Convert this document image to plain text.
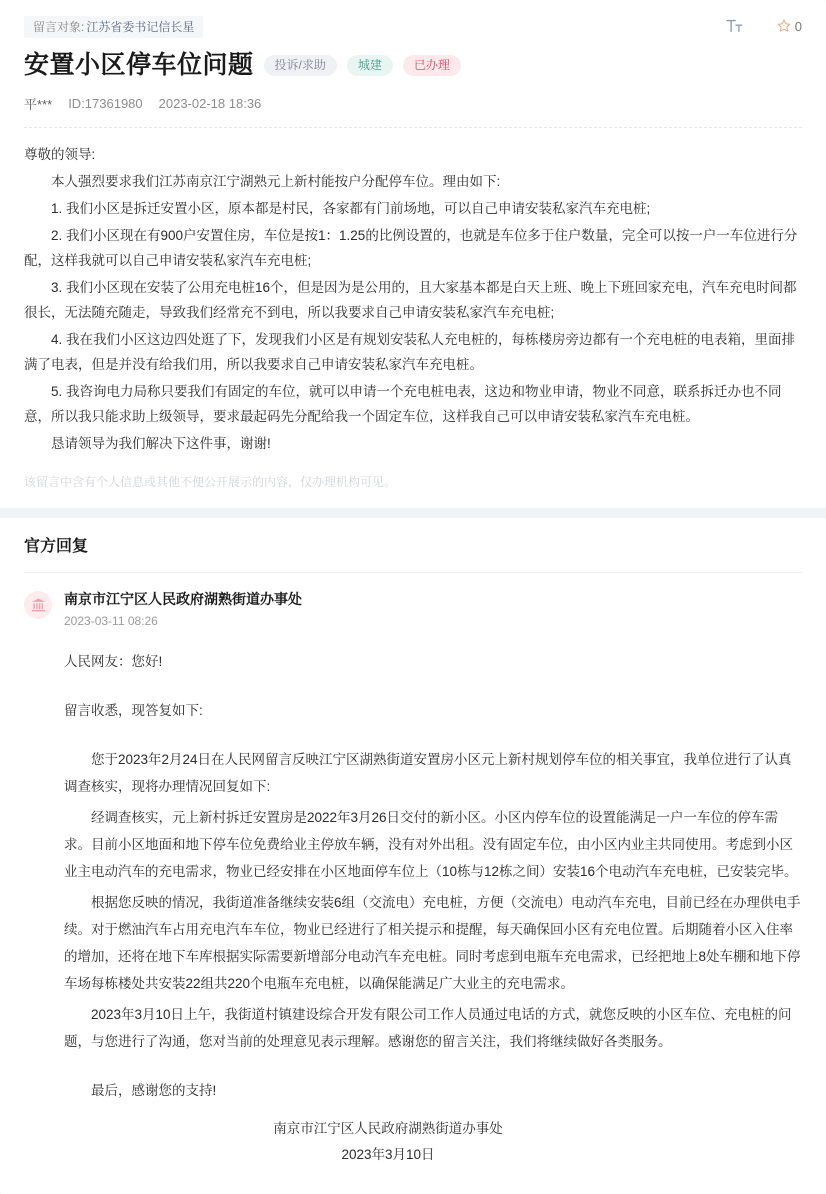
留言对象: 江苏省委书记信长星	0
安置小区停车位问题	投诉/求助	城建	已办理
平*** ID:17361980 2023-02-18 18:36

尊敬的领导:

本人强烈要求我们江苏南京江宁湖熟元上新村能按户分配停车位。理由如下:

1. 我们小区是拆迁安置小区，原本都是村民，各家都有门前场地，可以自己申请安装私家汽车充电桩;

2. 我们小区现在有900户安置住房，车位是按1：1.25的比例设置的，也就是车位多于住户数量，完全可以按一户一车位进行分配，这样我就可以自己申请安装私家汽车充电桩;

3. 我们小区现在安装了公用充电桩16个，但是因为是公用的，且大家基本都是白天上班、晚上下班回家充电，汽车充电时间都很长，无法随充随走，导致我们经常充不到电，所以我要求自己申请安装私家汽车充电桩;

4. 我在我们小区这边四处逛了下，发现我们小区是有规划安装私人充电桩的，每栋楼房旁边都有一个充电桩的电表箱，里面排满了电表，但是并没有给我们用，所以我要求自己申请安装私家汽车充电桩。

5. 我咨询电力局称只要我们有固定的车位，就可以申请一个充电桩电表，这边和物业申请，物业不同意，联系拆迁办也不同意，所以我只能求助上级领导，要求最起码先分配给我一个固定车位，这样我自己可以申请安装私家汽车充电桩。

恳请领导为我们解决下这件事，谢谢!

该留言中含有个人信息或其他不便公开展示的内容，仅办理机构可见。
官方回复
南京市江宁区人民政府湖熟街道办事处
2023-03-11 08:26

人民网友：您好!

留言收悉，现答复如下:

您于2023年2月24日在人民网留言反映江宁区湖熟街道安置房小区元上新村规划停车位的相关事宜，我单位进行了认真调查核实，现将办理情况回复如下:

经调查核实，元上新村拆迁安置房是2022年3月26日交付的新小区。小区内停车位的设置能满足一户一车位的停车需求。目前小区地面和地下停车位免费给业主停放车辆，没有对外出租。没有固定车位，由小区内业主共同使用。考虑到小区业主电动汽车的充电需求，物业已经安排在小区地面停车位上（10栋与12栋之间）安装16个电动汽车充电桩，已安装完毕。

根据您反映的情况，我街道准备继续安装6组（交流电）充电桩，方便（交流电）电动汽车充电，目前已经在办理供电手续。对于燃油汽车占用充电汽车车位，物业已经进行了相关提示和提醒，每天确保回小区有充电位置。后期随着小区入住率的增加，还将在地下车库根据实际需要新增部分电动汽车充电桩。同时考虑到电瓶车充电需求，已经把地上8处车棚和地下停车场每栋楼处共安装22组共220个电瓶车充电桩，以确保能满足广大业主的充电需求。

2023年3月10日上午，我街道村镇建设综合开发有限公司工作人员通过电话的方式，就您反映的小区车位、充电桩的问题，与您进行了沟通，您对当前的处理意见表示理解。感谢您的留言关注，我们将继续做好各类服务。

最后，感谢您的支持!

南京市江宁区人民政府湖熟街道办事处
2023年3月10日
